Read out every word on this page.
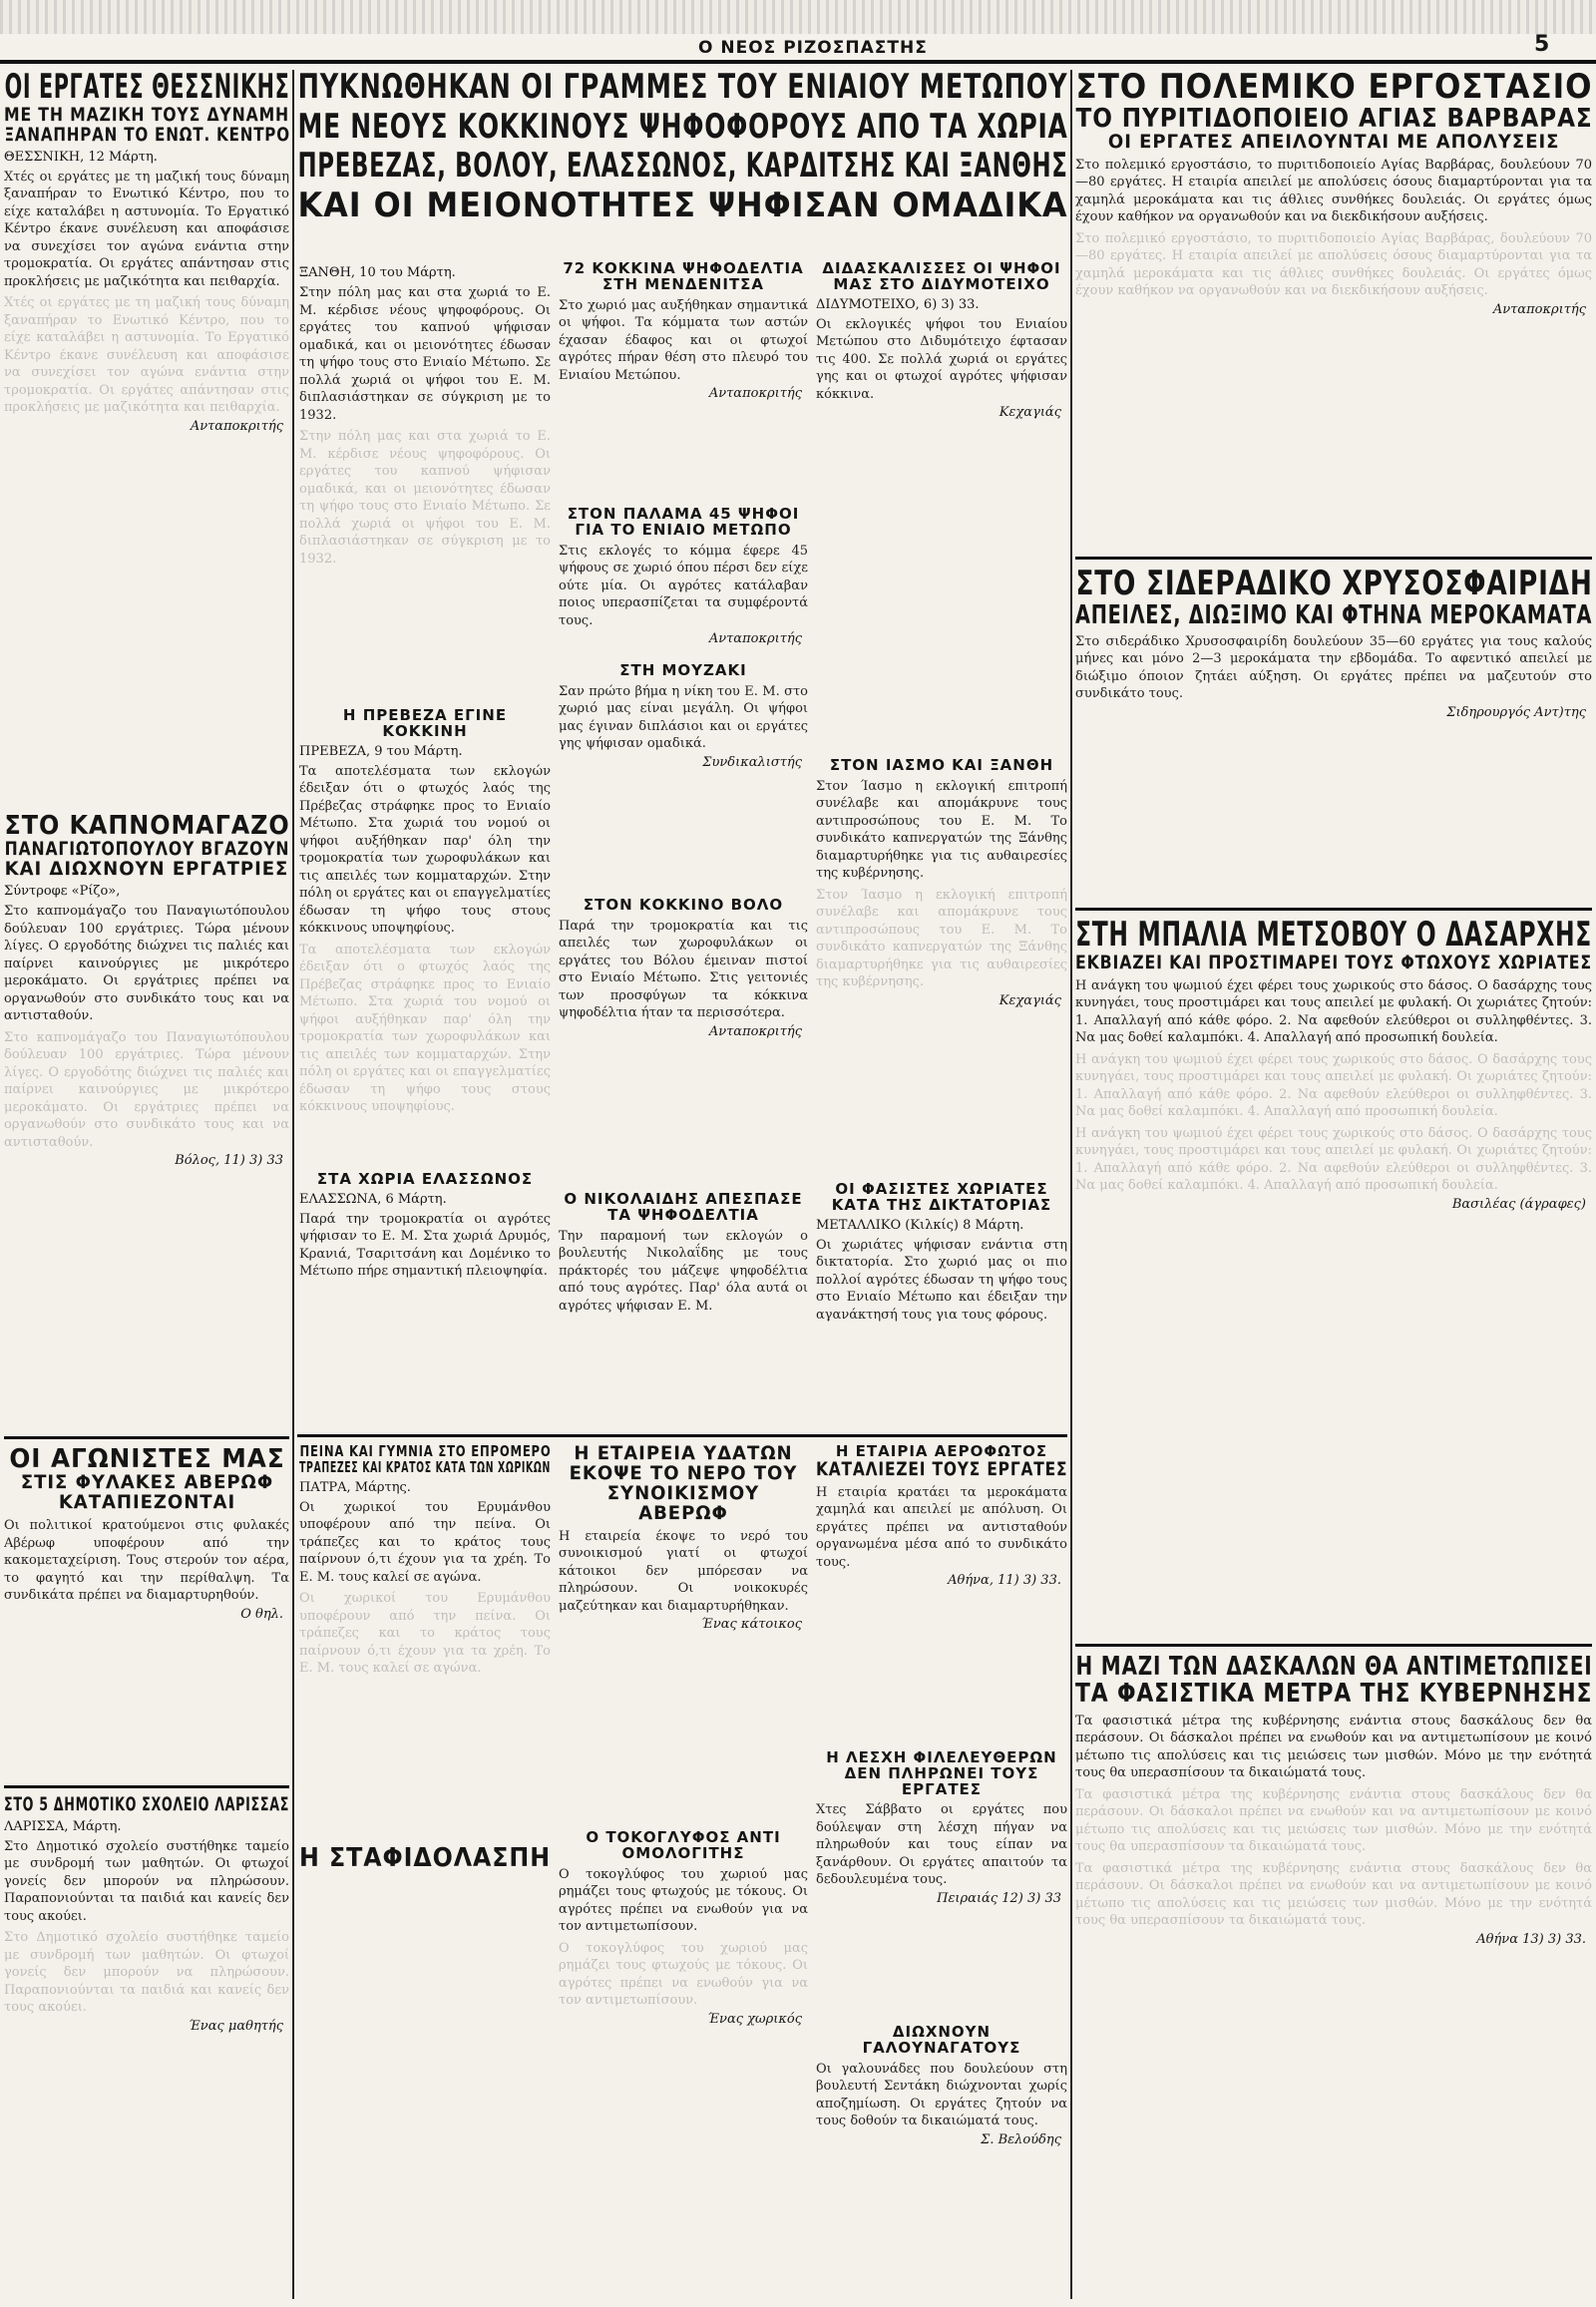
Ο ΝΕΟΣ ΡΙΖΟΣΠΑΣΤΗΣ	5

ΟΙ ΕΡΓΑΤΕΣ ΘΕΣΣΝΙΚΗΣ

ΜΕ ΤΗ ΜΑΖΙΚΗ ΤΟΥΣ ΔΥΝΑΜΗ

ΞΑΝΑΠΗΡΑΝ ΤΟ ΕΝΩΤ. ΚΕΝΤΡΟ

ΘΕΣΣΝΙΚΗ, 12 Μάρτη.

Χτές οι εργάτες με τη μαζική τους δύναμη ξαναπήραν το Ενωτικό Κέντρο, που το είχε καταλάβει η αστυνομία. Το Εργατικό Κέντρο έκανε συνέλευση και αποφάσισε να συνεχίσει τον αγώνα ενάντια στην τρομοκρατία. Οι εργάτες απάντησαν στις προκλήσεις με μαζικότητα και πειθαρχία.

Χτές οι εργάτες με τη μαζική τους δύναμη ξαναπήραν το Ενωτικό Κέντρο, που το είχε καταλάβει η αστυνομία. Το Εργατικό Κέντρο έκανε συνέλευση και αποφάσισε να συνεχίσει τον αγώνα ενάντια στην τρομοκρατία. Οι εργάτες απάντησαν στις προκλήσεις με μαζικότητα και πειθαρχία.

Ανταποκριτής

ΣΤΟ ΚΑΠΝΟΜΑΓΑΖΟ

ΠΑΝΑΓΙΩΤΟΠΟΥΛΟΥ ΒΓΑΖΟΥΝ

ΚΑΙ ΔΙΩΧΝΟΥΝ ΕΡΓΑΤΡΙΕΣ

Σύντροφε «Ρίζο»,

Στο καπνομάγαζο του Παναγιωτόπουλου δούλευαν 100 εργάτριες. Τώρα μένουν λίγες. Ο εργοδότης διώχνει τις παλιές και παίρνει καινούργιες με μικρότερο μεροκάματο. Οι εργάτριες πρέπει να οργανωθούν στο συνδικάτο τους και να αντισταθούν.

Στο καπνομάγαζο του Παναγιωτόπουλου δούλευαν 100 εργάτριες. Τώρα μένουν λίγες. Ο εργοδότης διώχνει τις παλιές και παίρνει καινούργιες με μικρότερο μεροκάματο. Οι εργάτριες πρέπει να οργανωθούν στο συνδικάτο τους και να αντισταθούν.

Βόλος, 11) 3) 33

ΟΙ ΑΓΩΝΙΣΤΕΣ ΜΑΣ

ΣΤΙΣ ΦΥΛΑΚΕΣ ΑΒΕΡΩΦ

ΚΑΤΑΠΙΕΖΟΝΤΑΙ

Οι πολιτικοί κρατούμενοι στις φυλακές Αβέρωφ υποφέρουν από την κακομεταχείριση. Τους στερούν τον αέρα, το φαγητό και την περίθαλψη. Τα συνδικάτα πρέπει να διαμαρτυρηθούν.

Ο θηλ.

ΣΤΟ 5 ΔΗΜΟΤΙΚΟ ΣΧΟΛΕΙΟ ΛΑΡΙΣΣΑΣ

ΛΑΡΙΣΣΑ, Μάρτη.

Στο Δημοτικό σχολείο συστήθηκε ταμείο με συνδρομή των μαθητών. Οι φτωχοί γονείς δεν μπορούν να πληρώσουν. Παραπονιούνται τα παιδιά και κανείς δεν τους ακούει.

Στο Δημοτικό σχολείο συστήθηκε ταμείο με συνδρομή των μαθητών. Οι φτωχοί γονείς δεν μπορούν να πληρώσουν. Παραπονιούνται τα παιδιά και κανείς δεν τους ακούει.

Ένας μαθητής

ΠΥΚΝΩΘΗΚΑΝ ΟΙ ΓΡΑΜΜΕΣ ΤΟΥ ΕΝΙΑΙΟΥ ΜΕΤΩΠΟΥ

ΜΕ ΝΕΟΥΣ ΚΟΚΚΙΝΟΥΣ ΨΗΦΟΦΟΡΟΥΣ ΑΠΟ ΤΑ ΧΩΡΙΑ

ΠΡΕΒΕΖΑΣ, ΒΟΛΟΥ, ΕΛΑΣΣΩΝΟΣ, ΚΑΡΔΙΤΣΗΣ ΚΑΙ ΞΑΝΘΗΣ

ΚΑΙ ΟΙ ΜΕΙΟΝΟΤΗΤΕΣ ΨΗΦΙΣΑΝ ΟΜΑΔΙΚΑ

ΞΑΝΘΗ, 10 του Μάρτη.

Στην πόλη μας και στα χωριά το Ε. Μ. κέρδισε νέους ψηφοφόρους. Οι εργάτες του καπνού ψήφισαν ομαδικά, και οι μειονότητες έδωσαν τη ψήφο τους στο Ενιαίο Μέτωπο. Σε πολλά χωριά οι ψήφοι του Ε. Μ. διπλασιάστηκαν σε σύγκριση με το 1932.

Στην πόλη μας και στα χωριά το Ε. Μ. κέρδισε νέους ψηφοφόρους. Οι εργάτες του καπνού ψήφισαν ομαδικά, και οι μειονότητες έδωσαν τη ψήφο τους στο Ενιαίο Μέτωπο. Σε πολλά χωριά οι ψήφοι του Ε. Μ. διπλασιάστηκαν σε σύγκριση με το 1932.

Η ΠΡΕΒΕΖΑ ΕΓΙΝΕ ΚΟΚΚΙΝΗ

ΠΡΕΒΕΖΑ, 9 του Μάρτη.

Τα αποτελέσματα των εκλογών έδειξαν ότι ο φτωχός λαός της Πρέβεζας στράφηκε προς το Ενιαίο Μέτωπο. Στα χωριά του νομού οι ψήφοι αυξήθηκαν παρ' όλη την τρομοκρατία των χωροφυλάκων και τις απειλές των κομματαρχών. Στην πόλη οι εργάτες και οι επαγγελματίες έδωσαν τη ψήφο τους στους κόκκινους υποψηφίους.

Τα αποτελέσματα των εκλογών έδειξαν ότι ο φτωχός λαός της Πρέβεζας στράφηκε προς το Ενιαίο Μέτωπο. Στα χωριά του νομού οι ψήφοι αυξήθηκαν παρ' όλη την τρομοκρατία των χωροφυλάκων και τις απειλές των κομματαρχών. Στην πόλη οι εργάτες και οι επαγγελματίες έδωσαν τη ψήφο τους στους κόκκινους υποψηφίους.

ΣΤΑ ΧΩΡΙΑ ΕΛΑΣΣΩΝΟΣ

ΕΛΑΣΣΩΝΑ, 6 Μάρτη.

Παρά την τρομοκρατία οι αγρότες ψήφισαν το Ε. Μ. Στα χωριά Δρυμός, Κρανιά, Τσαριτσάνη και Δομένικο το Μέτωπο πήρε σημαντική πλειοψηφία.

72 ΚΟΚΚΙΝΑ ΨΗΦΟΔΕΛΤΙΑ ΣΤΗ ΜΕΝΔΕΝΙΤΣΑ

Στο χωριό μας αυξήθηκαν σημαντικά οι ψήφοι. Τα κόμματα των αστών έχασαν έδαφος και οι φτωχοί αγρότες πήραν θέση στο πλευρό του Ενιαίου Μετώπου.

Ανταποκριτής

ΣΤΟΝ ΠΑΛΑΜΑ 45 ΨΗΦΟΙ ΓΙΑ ΤΟ ΕΝΙΑΙΟ ΜΕΤΩΠΟ

Στις εκλογές το κόμμα έφερε 45 ψήφους σε χωριό όπου πέρσι δεν είχε ούτε μία. Οι αγρότες κατάλαβαν ποιος υπερασπίζεται τα συμφέροντά τους.

Ανταποκριτής

ΣΤΗ ΜΟΥΖΑΚΙ

Σαν πρώτο βήμα η νίκη του Ε. Μ. στο χωριό μας είναι μεγάλη. Οι ψήφοι μας έγιναν διπλάσιοι και οι εργάτες γης ψήφισαν ομαδικά.

Συνδικαλιστής

ΣΤΟΝ ΚΟΚΚΙΝΟ ΒΟΛΟ

Παρά την τρομοκρατία και τις απειλές των χωροφυλάκων οι εργάτες του Βόλου έμειναν πιστοί στο Ενιαίο Μέτωπο. Στις γειτονιές των προσφύγων τα κόκκινα ψηφοδέλτια ήταν τα περισσότερα.

Ανταποκριτής

Ο ΝΙΚΟΛΑΙΔΗΣ ΑΠΕΣΠΑΣΕ ΤΑ ΨΗΦΟΔΕΛΤΙΑ

Την παραμονή των εκλογών ο βουλευτής Νικολαΐδης με τους πράκτορές του μάζεψε ψηφοδέλτια από τους αγρότες. Παρ' όλα αυτά οι αγρότες ψήφισαν Ε. Μ.

ΔΙΔΑΣΚΑΛΙΣΣΕΣ ΟΙ ΨΗΦΟΙ ΜΑΣ ΣΤΟ ΔΙΔΥΜΟΤΕΙΧΟ

ΔΙΔΥΜΟΤΕΙΧΟ, 6) 3) 33.

Οι εκλογικές ψήφοι του Ενιαίου Μετώπου στο Διδυμότειχο έφτασαν τις 400. Σε πολλά χωριά οι εργάτες γης και οι φτωχοί αγρότες ψήφισαν κόκκινα.

Κεχαγιάς

ΣΤΟΝ ΙΑΣΜΟ ΚΑΙ ΞΑΝΘΗ

Στον Ίασμο η εκλογική επιτροπή συνέλαβε και απομάκρυνε τους αντιπροσώπους του Ε. Μ. Το συνδικάτο καπνεργατών της Ξάνθης διαμαρτυρήθηκε για τις αυθαιρεσίες της κυβέρνησης.

Στον Ίασμο η εκλογική επιτροπή συνέλαβε και απομάκρυνε τους αντιπροσώπους του Ε. Μ. Το συνδικάτο καπνεργατών της Ξάνθης διαμαρτυρήθηκε για τις αυθαιρεσίες της κυβέρνησης.

Κεχαγιάς

ΟΙ ΦΑΣΙΣΤΕΣ ΧΩΡΙΑΤΕΣ ΚΑΤΑ ΤΗΣ ΔΙΚΤΑΤΟΡΙΑΣ

ΜΕΤΑΛΛΙΚΟ (Κιλκίς) 8 Μάρτη.

Οι χωριάτες ψήφισαν ενάντια στη δικτατορία. Στο χωριό μας οι πιο πολλοί αγρότες έδωσαν τη ψήφο τους στο Ενιαίο Μέτωπο και έδειξαν την αγανάκτησή τους για τους φόρους.

ΠΕΙΝΑ ΚΑΙ ΓΥΜΝΙΑ ΣΤΟ ΕΠΡΟΜΕΡΟ

ΤΡΑΠΕΖΕΣ ΚΑΙ ΚΡΑΤΟΣ ΚΑΤΑ ΤΩΝ ΧΩΡΙΚΩΝ

ΠΑΤΡΑ, Μάρτης.

Οι χωρικοί του Ερυμάνθου υποφέρουν από την πείνα. Οι τράπεζες και το κράτος τους παίρνουν ό,τι έχουν για τα χρέη. Το Ε. Μ. τους καλεί σε αγώνα.

Οι χωρικοί του Ερυμάνθου υποφέρουν από την πείνα. Οι τράπεζες και το κράτος τους παίρνουν ό,τι έχουν για τα χρέη. Το Ε. Μ. τους καλεί σε αγώνα.

Η ΣΤΑΦΙΔΟΛΑΣΠΗ

Η ΕΤΑΙΡΕΙΑ ΥΔΑΤΩΝ ΕΚΟΨΕ ΤΟ ΝΕΡΟ ΤΟΥ ΣΥΝΟΙΚΙΣΜΟΥ ΑΒΕΡΩΦ

Η εταιρεία έκοψε το νερό του συνοικισμού γιατί οι φτωχοί κάτοικοι δεν μπόρεσαν να πληρώσουν. Οι νοικοκυρές μαζεύτηκαν και διαμαρτυρήθηκαν.

Ένας κάτοικος

Ο ΤΟΚΟΓΛΥΦΟΣ ΑΝΤΙ ΟΜΟΛΟΓΙΤΗΣ

Ο τοκογλύφος του χωριού μας ρημάζει τους φτωχούς με τόκους. Οι αγρότες πρέπει να ενωθούν για να τον αντιμετωπίσουν.

Ο τοκογλύφος του χωριού μας ρημάζει τους φτωχούς με τόκους. Οι αγρότες πρέπει να ενωθούν για να τον αντιμετωπίσουν.

Ένας χωρικός

Η ΕΤΑΙΡΙΑ ΑΕΡΟΦΩΤΟΣ

ΚΑΤΑΛΙΕΖΕΙ ΤΟΥΣ ΕΡΓΑΤΕΣ

Η εταιρία κρατάει τα μεροκάματα χαμηλά και απειλεί με απόλυση. Οι εργάτες πρέπει να αντισταθούν οργανωμένα μέσα από το συνδικάτο τους.

Αθήνα, 11) 3) 33.

Η ΛΕΣΧΗ ΦΙΛΕΛΕΥΘΕΡΩΝ

ΔΕΝ ΠΛΗΡΩΝΕΙ ΤΟΥΣ ΕΡΓΑΤΕΣ

Χτες Σάββατο οι εργάτες που δούλεψαν στη λέσχη πήγαν να πληρωθούν και τους είπαν να ξανάρθουν. Οι εργάτες απαιτούν τα δεδουλευμένα τους.

Πειραιάς 12) 3) 33

ΔΙΩΧΝΟΥΝ ΓΑΛΟΥΝΑΓΑΤΟΥΣ

Οι γαλουνάδες που δουλεύουν στη βουλευτή Σεντάκη διώχνονται χωρίς αποζημίωση. Οι εργάτες ζητούν να τους δοθούν τα δικαιώματά τους.

Σ. Βελούδης

ΣΤΟ ΠΟΛΕΜΙΚΟ ΕΡΓΟΣΤΑΣΙΟ

ΤΟ ΠΥΡΙΤΙΔΟΠΟΙΕΙΟ ΑΓΙΑΣ ΒΑΡΒΑΡΑΣ

ΟΙ ΕΡΓΑΤΕΣ ΑΠΕΙΛΟΥΝΤΑΙ ΜΕ ΑΠΟΛΥΣΕΙΣ

Στο πολεμικό εργοστάσιο, το πυριτιδοποιείο Αγίας Βαρβάρας, δουλεύουν 70—80 εργάτες. Η εταιρία απειλεί με απολύσεις όσους διαμαρτύρονται για τα χαμηλά μεροκάματα και τις άθλιες συνθήκες δουλειάς. Οι εργάτες όμως έχουν καθήκον να οργανωθούν και να διεκδικήσουν αυξήσεις.

Στο πολεμικό εργοστάσιο, το πυριτιδοποιείο Αγίας Βαρβάρας, δουλεύουν 70—80 εργάτες. Η εταιρία απειλεί με απολύσεις όσους διαμαρτύρονται για τα χαμηλά μεροκάματα και τις άθλιες συνθήκες δουλειάς. Οι εργάτες όμως έχουν καθήκον να οργανωθούν και να διεκδικήσουν αυξήσεις.

Ανταποκριτής

ΣΤΟ ΣΙΔΕΡΑΔΙΚΟ ΧΡΥΣΟΣΦΑΙΡΙΔΗ

ΑΠΕΙΛΕΣ, ΔΙΩΞΙΜΟ ΚΑΙ ΦΤΗΝΑ ΜΕΡΟΚΑΜΑΤΑ

Στο σιδεράδικο Χρυσοσφαιρίδη δουλεύουν 35—60 εργάτες για τους καλούς μήνες και μόνο 2—3 μεροκάματα την εβδομάδα. Το αφεντικό απειλεί με διώξιμο όποιον ζητάει αύξηση. Οι εργάτες πρέπει να μαζευτούν στο συνδικάτο τους.

Σιδηρουργός Αντ)της

ΣΤΗ ΜΠΑΛΙΑ ΜΕΤΣΟΒΟΥ Ο ΔΑΣΑΡΧΗΣ

ΕΚΒΙΑΖΕΙ ΚΑΙ ΠΡΟΣΤΙΜΑΡΕΙ ΤΟΥΣ ΦΤΩΧΟΥΣ ΧΩΡΙΑΤΕΣ

Η ανάγκη του ψωμιού έχει φέρει τους χωρικούς στο δάσος. Ο δασάρχης τους κυνηγάει, τους προστιμάρει και τους απειλεί με φυλακή. Οι χωριάτες ζητούν: 1. Απαλλαγή από κάθε φόρο. 2. Να αφεθούν ελεύθεροι οι συλληφθέντες. 3. Να μας δοθεί καλαμπόκι. 4. Απαλλαγή από προσωπική δουλεία.

Η ανάγκη του ψωμιού έχει φέρει τους χωρικούς στο δάσος. Ο δασάρχης τους κυνηγάει, τους προστιμάρει και τους απειλεί με φυλακή. Οι χωριάτες ζητούν: 1. Απαλλαγή από κάθε φόρο. 2. Να αφεθούν ελεύθεροι οι συλληφθέντες. 3. Να μας δοθεί καλαμπόκι. 4. Απαλλαγή από προσωπική δουλεία.

Η ανάγκη του ψωμιού έχει φέρει τους χωρικούς στο δάσος. Ο δασάρχης τους κυνηγάει, τους προστιμάρει και τους απειλεί με φυλακή. Οι χωριάτες ζητούν: 1. Απαλλαγή από κάθε φόρο. 2. Να αφεθούν ελεύθεροι οι συλληφθέντες. 3. Να μας δοθεί καλαμπόκι. 4. Απαλλαγή από προσωπική δουλεία.

Βασιλέας (άγραφες)

Η ΜΑΖΙ ΤΩΝ ΔΑΣΚΑΛΩΝ ΘΑ ΑΝΤΙΜΕΤΩΠΙΣΕΙ

ΤΑ ΦΑΣΙΣΤΙΚΑ ΜΕΤΡΑ ΤΗΣ ΚΥΒΕΡΝΗΣΗΣ

Τα φασιστικά μέτρα της κυβέρνησης ενάντια στους δασκάλους δεν θα περάσουν. Οι δάσκαλοι πρέπει να ενωθούν και να αντιμετωπίσουν με κοινό μέτωπο τις απολύσεις και τις μειώσεις των μισθών. Μόνο με την ενότητά τους θα υπερασπίσουν τα δικαιώματά τους.

Τα φασιστικά μέτρα της κυβέρνησης ενάντια στους δασκάλους δεν θα περάσουν. Οι δάσκαλοι πρέπει να ενωθούν και να αντιμετωπίσουν με κοινό μέτωπο τις απολύσεις και τις μειώσεις των μισθών. Μόνο με την ενότητά τους θα υπερασπίσουν τα δικαιώματά τους.

Τα φασιστικά μέτρα της κυβέρνησης ενάντια στους δασκάλους δεν θα περάσουν. Οι δάσκαλοι πρέπει να ενωθούν και να αντιμετωπίσουν με κοινό μέτωπο τις απολύσεις και τις μειώσεις των μισθών. Μόνο με την ενότητά τους θα υπερασπίσουν τα δικαιώματά τους.

Αθήνα 13) 3) 33.
